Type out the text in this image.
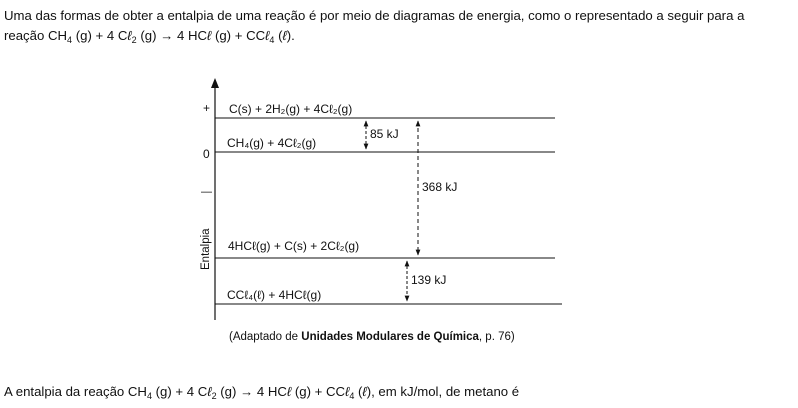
Uma das formas de obter a entalpia de uma reação é por meio de diagramas de energia, como o representado a seguir para a

reação $CH_4$ (g) + 4 Cℓ$_2$ (g) → 4 HCℓ (g) + CCℓ$_4$ (ℓ).

+
0
—
Entalpia
C(s) + 2H₂(g) + 4Cℓ₂(g)
CH₄(g) + 4Cℓ₂(g)
4HCℓ(g) + C(s) + 2Cℓ₂(g)
CCℓ₄(ℓ) + 4HCℓ(g)
85 kJ
368 kJ
139 kJ
(Adaptado de Unidades Modulares de Química, p. 76)
A entalpia da reação $CH_4$ (g) + 4 Cℓ$_2$ (g) → 4 HCℓ (g) + CCℓ$_4$ (ℓ), em kJ/mol, de metano é
